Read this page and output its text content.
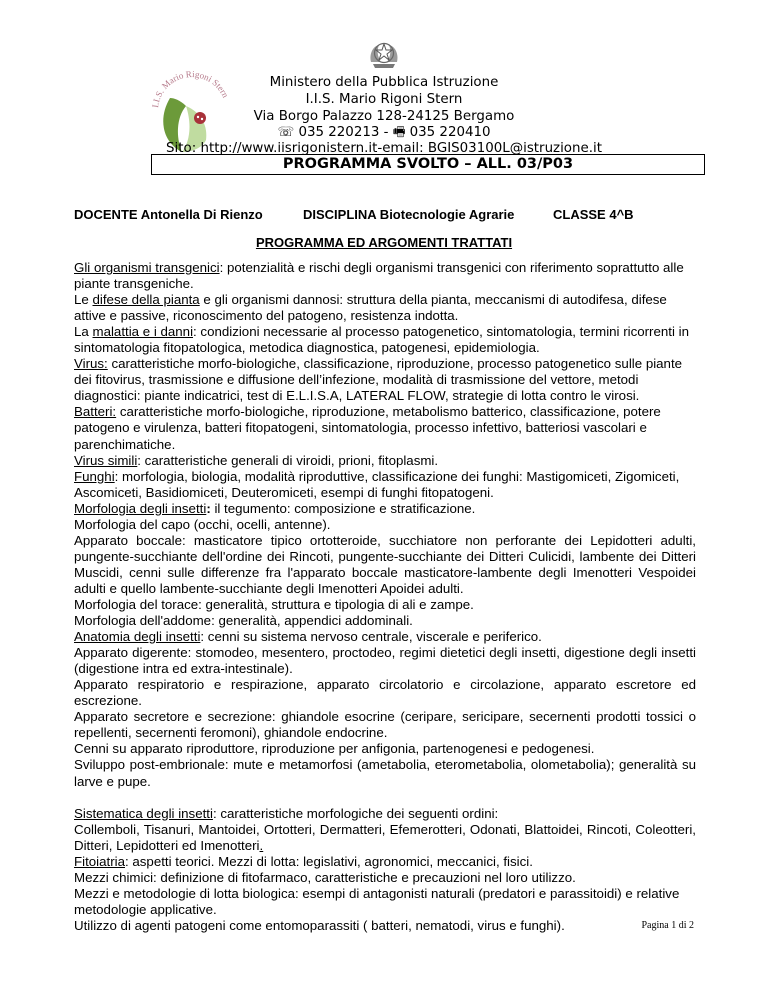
I.I.S. Mario Rigoni Stern
Ministero della Pubblica Istruzione
I.I.S. Mario Rigoni Stern
Via Borgo Palazzo 128-24125 Bergamo
☏ 035 220213 - 🖷 035 220410
Sito: http://www.iisrigonistern.it-email: BGIS03100L@istruzione.it
PROGRAMMA SVOLTO – ALL. 03/P03
DOCENTE Antonella Di Rienzo	DISCIPLINA Biotecnologie Agrarie	CLASSE 4^B
PROGRAMMA ED ARGOMENTI TRATTATI

Gli organismi transgenici: potenzialità e rischi degli organismi transgenici con riferimento soprattutto alle piante transgeniche.

Le difese della pianta e gli organismi dannosi: struttura della pianta, meccanismi di autodifesa, difese attive e passive, riconoscimento del patogeno, resistenza indotta.

La malattia e i danni: condizioni necessarie al processo patogenetico, sintomatologia, termini ricorrenti in sintomatologia fitopatologica, metodica diagnostica, patogenesi, epidemiologia.

Virus: caratteristiche morfo-biologiche, classificazione, riproduzione, processo patogenetico sulle piante dei fitovirus, trasmissione e diffusione dell’infezione, modalità di trasmissione del vettore, metodi diagnostici: piante indicatrici, test di E.L.I.S.A, LATERAL FLOW, strategie di lotta contro le virosi.

Batteri: caratteristiche morfo-biologiche, riproduzione, metabolismo batterico, classificazione, potere patogeno e virulenza, batteri fitopatogeni, sintomatologia, processo infettivo, batteriosi vascolari e parenchimatiche.

Virus simili: caratteristiche generali di viroidi, prioni, fitoplasmi.

Funghi: morfologia, biologia, modalità riproduttive, classificazione dei funghi: Mastigomiceti, Zigomiceti, Ascomiceti, Basidiomiceti, Deuteromiceti, esempi di funghi fitopatogeni.

Morfologia degli insetti: il tegumento: composizione e stratificazione.

Morfologia del capo (occhi, ocelli, antenne).

Apparato boccale: masticatore tipico ortotteroide, succhiatore non perforante dei Lepidotteri adulti, pungente-succhiante dell'ordine dei Rincoti, pungente-succhiante dei Ditteri Culicidi, lambente dei Ditteri Muscidi, cenni sulle differenze fra l'apparato boccale masticatore-lambente degli Imenotteri Vespoidei adulti e quello lambente-succhiante degli Imenotteri Apoidei adulti.

Morfologia del torace: generalità, struttura e tipologia di ali e zampe.

Morfologia dell'addome: generalità, appendici addominali.

Anatomia degli insetti: cenni su sistema nervoso centrale, viscerale e periferico.

Apparato digerente: stomodeo, mesentero, proctodeo, regimi dietetici degli insetti, digestione degli insetti (digestione intra ed extra-intestinale).

Apparato respiratorio e respirazione, apparato circolatorio e circolazione, apparato escretore ed escrezione.

Apparato secretore e secrezione: ghiandole esocrine (ceripare, sericipare, secernenti prodotti tossici o repellenti, secernenti feromoni), ghiandole endocrine.

Cenni su apparato riproduttore, riproduzione per anfigonia, partenogenesi e pedogenesi.

Sviluppo post-embrionale: mute e metamorfosi (ametabolia, eterometabolia, olometabolia); generalità su larve e pupe.

Sistematica degli insetti: caratteristiche morfologiche dei seguenti ordini:

Collemboli, Tisanuri, Mantoidei, Ortotteri, Dermatteri, Efemerotteri, Odonati, Blattoidei, Rincoti, Coleotteri, Ditteri, Lepidotteri ed Imenotteri.

Fitoiatria: aspetti teorici. Mezzi di lotta: legislativi, agronomici, meccanici, fisici.

Mezzi chimici: definizione di fitofarmaco, caratteristiche e precauzioni nel loro utilizzo.

Mezzi e metodologie di lotta biologica: esempi di antagonisti naturali (predatori e parassitoidi) e relative metodologie applicative.

Utilizzo di agenti patogeni come entomoparassiti ( batteri, nematodi, virus e funghi).	Pagina 1 di 2
